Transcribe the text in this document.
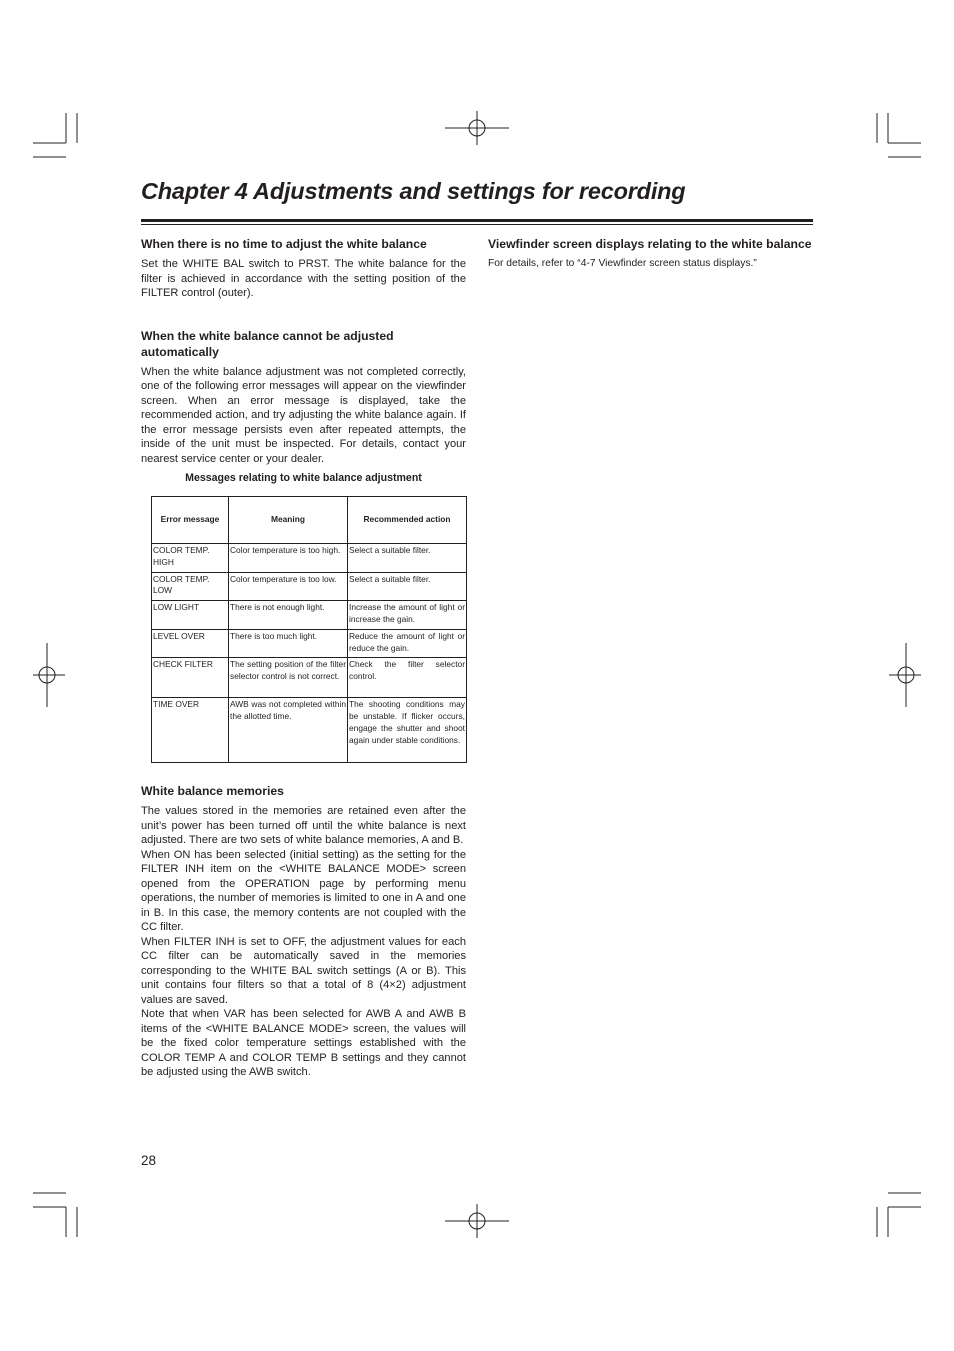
Chapter 4 Adjustments and settings for recording
When there is no time to adjust the white balance

Set the WHITE BAL switch to PRST. The white balance for the filter is achieved in accordance with the setting position of the FILTER control (outer).

When the white balance cannot be adjusted automatically

When the white balance adjustment was not completed correctly, one of the following error messages will appear on the viewfinder screen. When an error message is displayed, take the recommended action, and try adjusting the white balance again. If the error message persists even after repeated attempts, the inside of the unit must be inspected. For details, contact your nearest service center or your dealer.

Messages relating to white balance adjustment
Error message	Meaning	Recommended action
COLOR TEMP. HIGH	Color temperature is too high.	Select a suitable filter.
COLOR TEMP. LOW	Color temperature is too low.	Select a suitable filter.
LOW LIGHT	There is not enough light.	Increase the amount of light or increase the gain.
LEVEL OVER	There is too much light.	Reduce the amount of light or reduce the gain.
CHECK FILTER	The setting position of the filter selector control is not correct.	Check the filter selector control.
TIME OVER	AWB was not completed within the allotted time.	The shooting conditions may be unstable. If flicker occurs, engage the shutter and shoot again under stable conditions.
White balance memories

The values stored in the memories are retained even after the unit’s power has been turned off until the white balance is next adjusted. There are two sets of white balance memories, A and B.

When ON has been selected (initial setting) as the setting for the FILTER INH item on the <WHITE BALANCE MODE> screen opened from the OPERATION page by performing menu operations, the number of memories is limited to one in A and one in B. In this case, the memory contents are not coupled with the CC filter.

When FILTER INH is set to OFF, the adjustment values for each CC filter can be automatically saved in the memories corresponding to the WHITE BAL switch settings (A or B). This unit contains four filters so that a total of 8 (4×2) adjustment values are saved.

Note that when VAR has been selected for AWB A and AWB B items of the <WHITE BALANCE MODE> screen, the values will be the fixed color temperature settings established with the COLOR TEMP A and COLOR TEMP B settings and they cannot be adjusted using the AWB switch.

Viewfinder screen displays relating to the white balance

For details, refer to “4-7 Viewfinder screen status displays.”

28
